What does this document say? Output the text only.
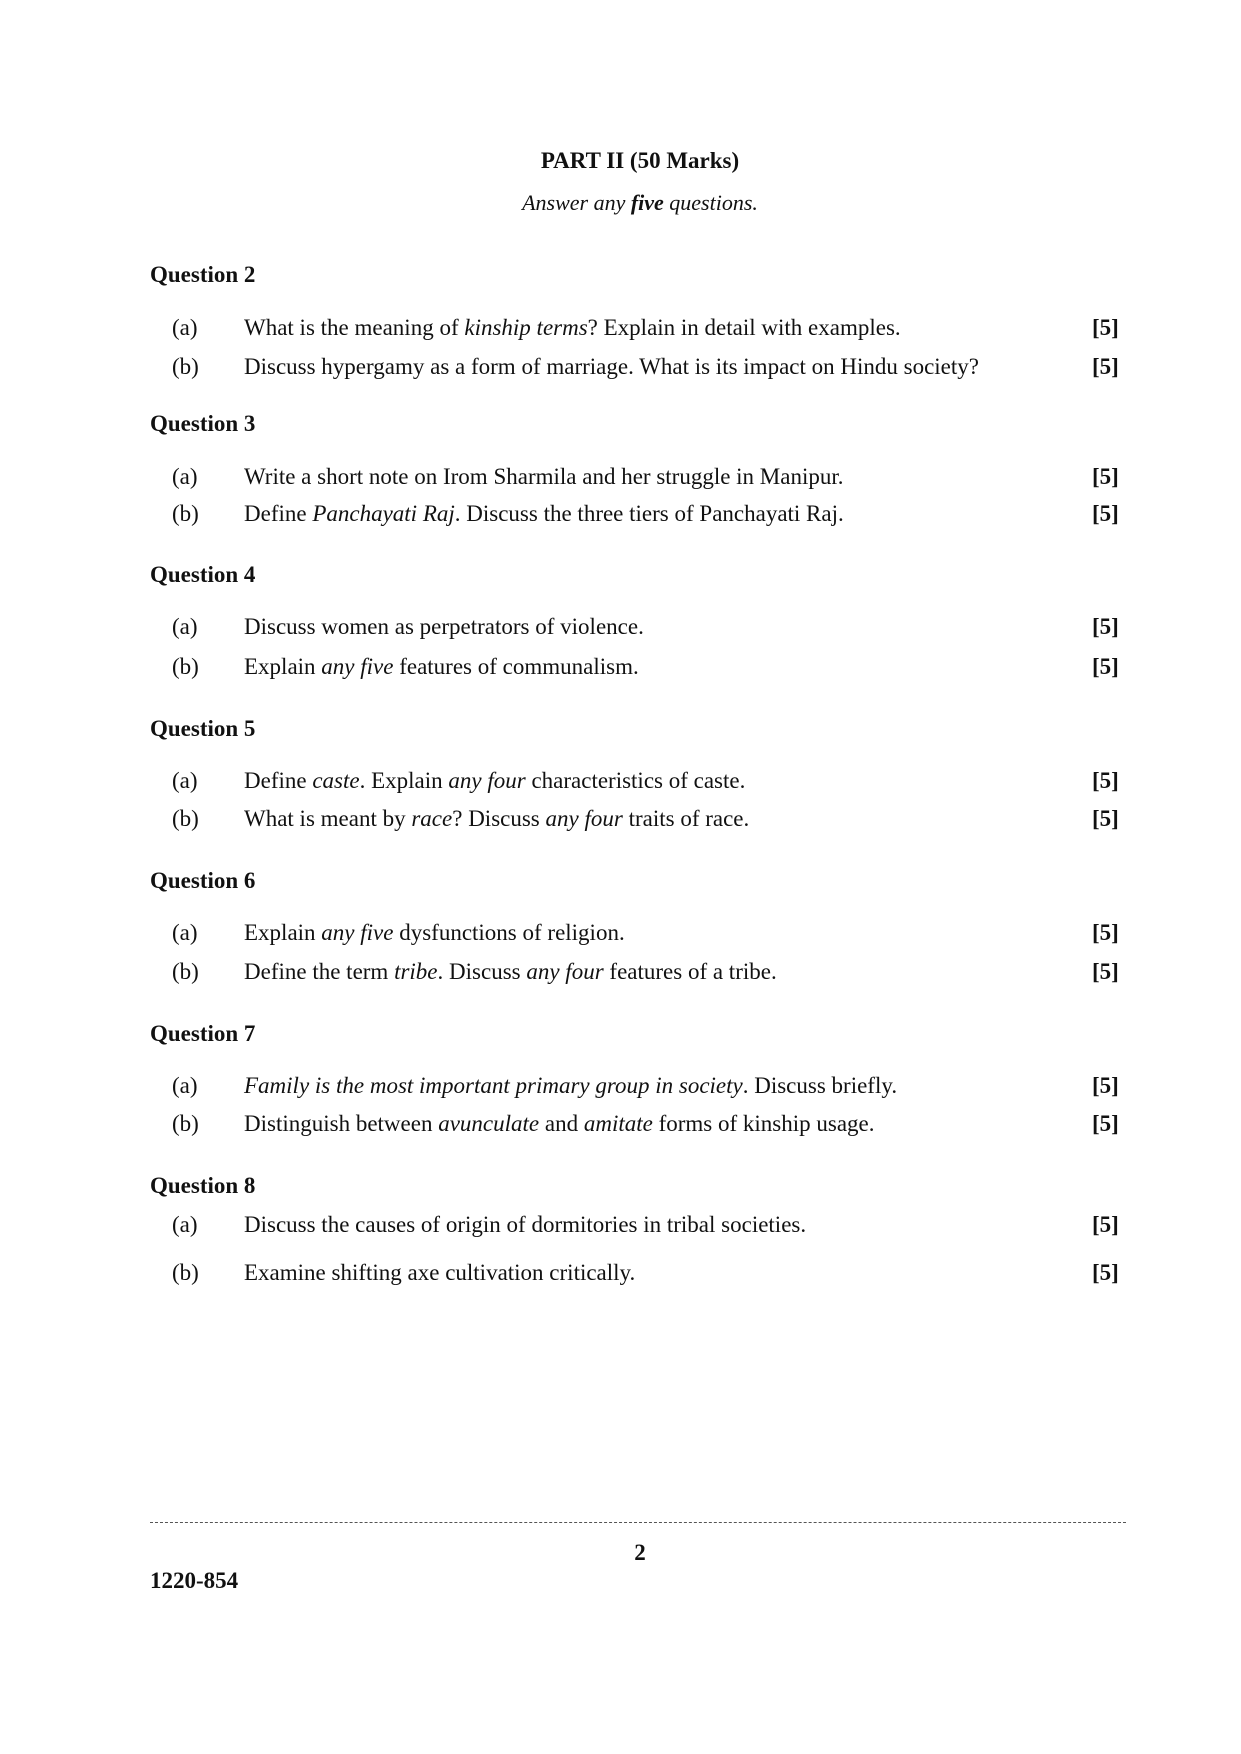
PART II (50 Marks)
Answer any five questions.
Question 2
(a) What is the meaning of kinship terms? Explain in detail with examples.	[5]
(b) Discuss hypergamy as a form of marriage. What is its impact on Hindu society?	[5]
Question 3
(a) Write a short note on Irom Sharmila and her struggle in Manipur.	[5]
(b) Define Panchayati Raj. Discuss the three tiers of Panchayati Raj.	[5]
Question 4
(a) Discuss women as perpetrators of violence.	[5]
(b) Explain any five features of communalism.	[5]
Question 5
(a) Define caste. Explain any four characteristics of caste.	[5]
(b) What is meant by race? Discuss any four traits of race.	[5]
Question 6
(a) Explain any five dysfunctions of religion.	[5]
(b) Define the term tribe. Discuss any four features of a tribe.	[5]
Question 7
(a) Family is the most important primary group in society. Discuss briefly.	[5]
(b) Distinguish between avunculate and amitate forms of kinship usage.	[5]
Question 8
(a) Discuss the causes of origin of dormitories in tribal societies.	[5]
(b) Examine shifting axe cultivation critically.	[5]
2
1220-854
